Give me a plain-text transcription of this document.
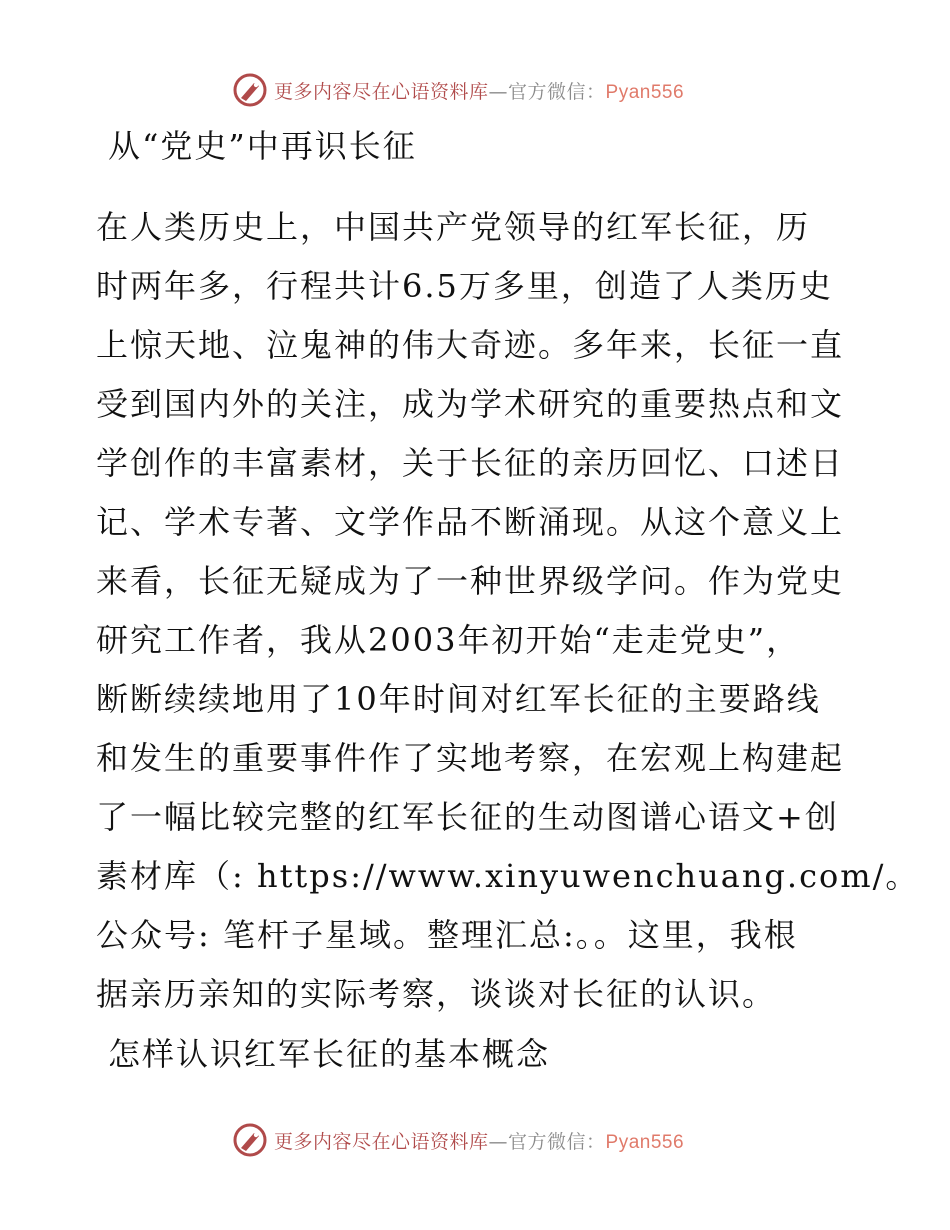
更多内容尽在心语资料库—官方微信：Pyan556
从“党史”中再识长征
在人类历史上，中国共产党领导的红军长征，历
时两年多，行程共计6.5万多里，创造了人类历史
上惊天地、泣鬼神的伟大奇迹。多年来，长征一直
受到国内外的关注，成为学术研究的重要热点和文
学创作的丰富素材，关于长征的亲历回忆、口述日
记、学术专著、文学作品不断涌现。从这个意义上
来看，长征无疑成为了一种世界级学问。作为党史
研究工作者，我从2003年初开始“走走党史”，
断断续续地用了10年时间对红军长征的主要路线
和发生的重要事件作了实地考察，在宏观上构建起
了一幅比较完整的红军长征的生动图谱心语文+创
素材库（: https://www.xinyuwenchuang.com/。
公众号: 笔杆子星域。整理汇总:。。这里，我根
据亲历亲知的实际考察，谈谈对长征的认识。
怎样认识红军长征的基本概念
更多内容尽在心语资料库—官方微信：Pyan556
